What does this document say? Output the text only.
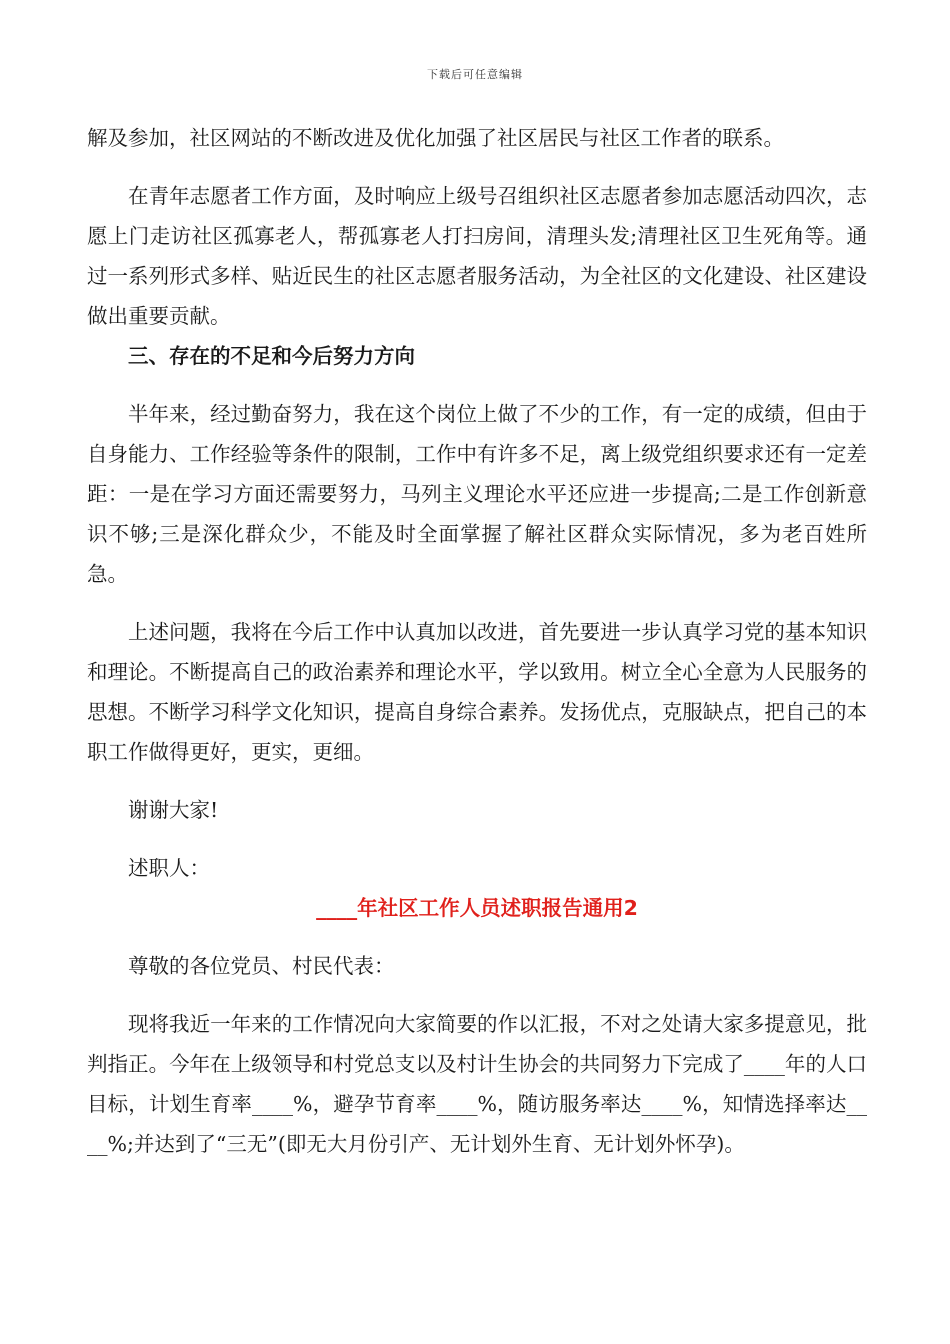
下载后可任意编辑

解及参加，社区网站的不断改进及优化加强了社区居民与社区工作者的联系。

在青年志愿者工作方面，及时响应上级号召组织社区志愿者参加志愿活动四次，志愿上门走访社区孤寡老人，帮孤寡老人打扫房间，清理头发;清理社区卫生死角等。通过一系列形式多样、贴近民生的社区志愿者服务活动，为全社区的文化建设、社区建设做出重要贡献。

三、存在的不足和今后努力方向

半年来，经过勤奋努力，我在这个岗位上做了不少的工作，有一定的成绩，但由于自身能力、工作经验等条件的限制，工作中有许多不足，离上级党组织要求还有一定差距：一是在学习方面还需要努力，马列主义理论水平还应进一步提高;二是工作创新意识不够;三是深化群众少，不能及时全面掌握了解社区群众实际情况，多为老百姓所急。

上述问题，我将在今后工作中认真加以改进，首先要进一步认真学习党的基本知识和理论。不断提高自己的政治素养和理论水平，学以致用。树立全心全意为人民服务的思想。不断学习科学文化知识，提高自身综合素养。发扬优点，克服缺点，把自己的本职工作做得更好，更实，更细。

谢谢大家!

述职人：

____年社区工作人员述职报告通用2

尊敬的各位党员、村民代表：

现将我近一年来的工作情况向大家简要的作以汇报，不对之处请大家多提意见，批判指正。今年在上级领导和村党总支以及村计生协会的共同努力下完成了____年的人口目标，计划生育率____%，避孕节育率____%，随访服务率达____%，知情选择率达____%;并达到了“三无”(即无大月份引产、无计划外生育、无计划外怀孕)。
